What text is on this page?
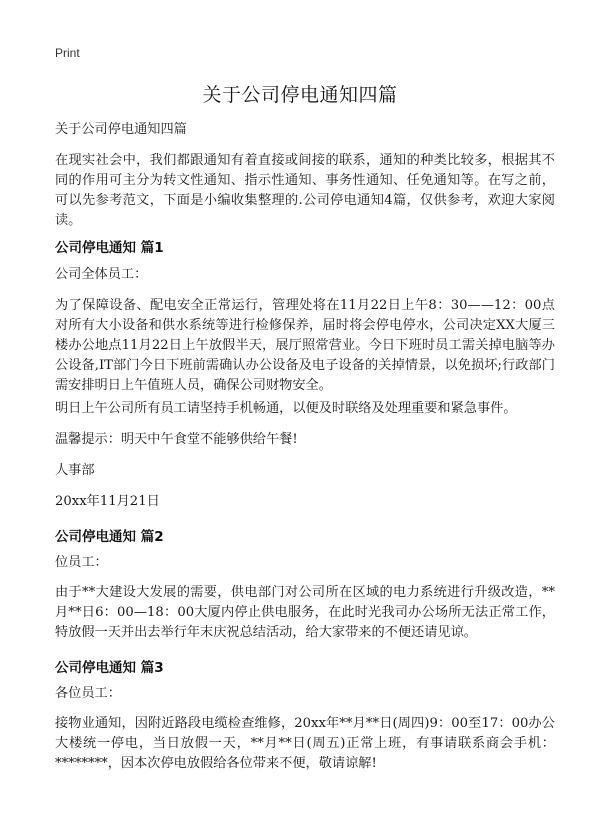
Print
关于公司停电通知四篇
关于公司停电通知四篇
在现实社会中，我们都跟通知有着直接或间接的联系，通知的种类比较多，根据其不同的作用可主分为转文性通知、指示性通知、事务性通知、任免通知等。在写之前，可以先参考范文，下面是小编收集整理的.公司停电通知4篇，仅供参考，欢迎大家阅读。
公司停电通知 篇1
公司全体员工：
为了保障设备、配电安全正常运行，管理处将在11月22日上午8：30——12：00点对所有大小设备和供水系统等进行检修保养，届时将会停电停水，公司决定XX大厦三楼办公地点11月22日上午放假半天，展厅照常营业。今日下班时员工需关掉电脑等办公设备,IT部门今日下班前需确认办公设备及电子设备的关掉情景，以免损坏;行政部门需安排明日上午值班人员，确保公司财物安全。
明日上午公司所有员工请坚持手机畅通，以便及时联络及处理重要和紧急事件。
温馨提示：明天中午食堂不能够供给午餐!
人事部
20xx年11月21日
公司停电通知 篇2
位员工：
由于**大建设大发展的需要，供电部门对公司所在区域的电力系统进行升级改造，**月**日6：00—18：00大厦内停止供电服务，在此时光我司办公场所无法正常工作，特放假一天并出去举行年末庆祝总结活动，给大家带来的不便还请见谅。
公司停电通知 篇3
各位员工：
接物业通知，因附近路段电缆检查维修，20xx年**月**日(周四)9：00至17：00办公大楼统一停电，当日放假一天，**月**日(周五)正常上班，有事请联系商会手机：********，因本次停电放假给各位带来不便，敬请谅解!
